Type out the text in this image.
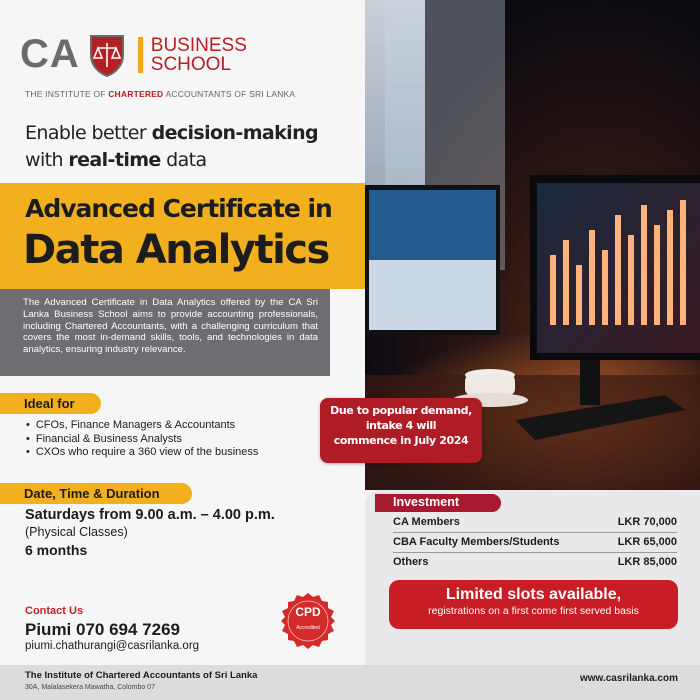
CA	BUSINESS
SCHOOL
THE INSTITUTE OF CHARTERED ACCOUNTANTS OF SRI LANKA
Enable better decision-making
with real-time data
Advanced Certificate in
Data Analytics
The Advanced Certificate in Data Analytics offered by the CA Sri Lanka Business School aims to provide accounting professionals, including Chartered Accountants, with a challenging curriculum that covers the most in-demand skills, tools, and technologies in data analytics, ensuring industry relevance.
Ideal for
• CFOs, Finance Managers & Accountants
• Financial & Business Analysts
• CXOs who require a 360 view of the business
Date, Time & Duration
Saturdays from 9.00 a.m. – 4.00 p.m.
(Physical Classes)
6 months
Contact Us
Piumi 070 694 7269
piumi.chathurangi@casrilanka.org
CPD
Accredited
Due to popular demand,
intake 4 will
commence in July 2024
Investment
CA Members	LKR 70,000
CBA Faculty Members/Students	LKR 65,000
Others	LKR 85,000
Limited slots available,
registrations on a first come first served basis
The Institute of Chartered Accountants of Sri Lanka
30A, Malalasekera Mawatha, Colombo 07
www.casrilanka.com
